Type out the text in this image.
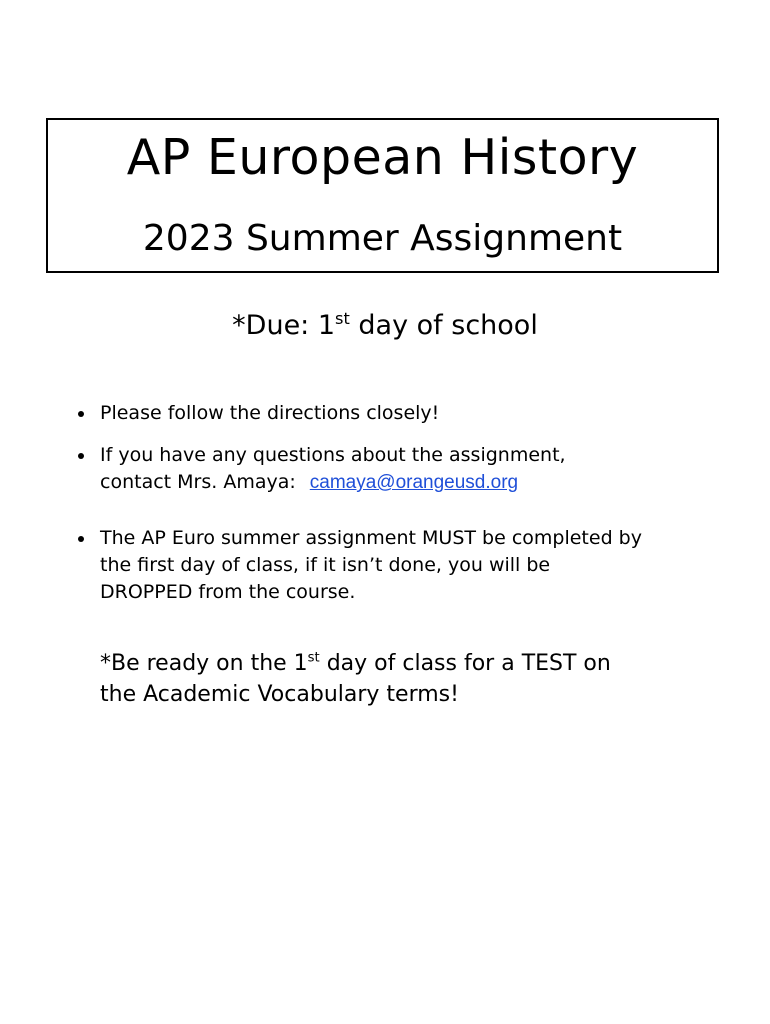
AP European History
2023 Summer Assignment
*Due: 1st day of school
Please follow the directions closely!
If you have any questions about the assignment,
contact Mrs. Amaya: camaya@orangeusd.org
The AP Euro summer assignment MUST be completed by
the first day of class, if it isn’t done, you will be
DROPPED from the course.
*Be ready on the 1st day of class for a TEST on
the Academic Vocabulary terms!
